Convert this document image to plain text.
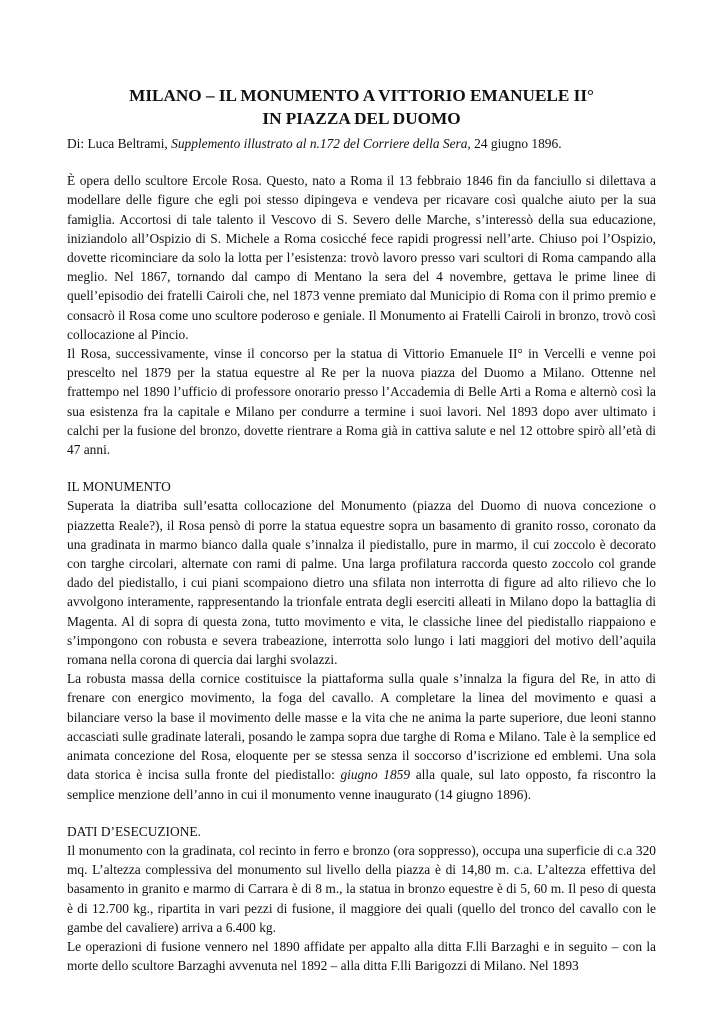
MILANO – IL MONUMENTO A VITTORIO EMANUELE II°

IN PIAZZA DEL DUOMO

Di: Luca Beltrami, Supplemento illustrato al n.172 del Corriere della Sera, 24 giugno 1896.

È opera dello scultore Ercole Rosa. Questo, nato a Roma il 13 febbraio 1846 fin da fanciullo si dilettava a modellare delle figure che egli poi stesso dipingeva e vendeva per ricavare così qualche aiuto per la sua famiglia. Accortosi di tale talento il Vescovo di S. Severo delle Marche, s’interessò della sua educazione, iniziandolo all’Ospizio di S. Michele a Roma cosicché fece rapidi progressi nell’arte. Chiuso poi l’Ospizio, dovette ricominciare da solo la lotta per l’esistenza: trovò lavoro presso vari scultori di Roma campando alla meglio. Nel 1867, tornando dal campo di Mentano la sera del 4 novembre, gettava le prime linee di quell’episodio dei fratelli Cairoli che, nel 1873 venne premiato dal Municipio di Roma con il primo premio e consacrò il Rosa come uno scultore poderoso e geniale. Il Monumento ai Fratelli Cairoli in bronzo, trovò così collocazione al Pincio.

Il Rosa, successivamente, vinse il concorso per la statua di Vittorio Emanuele II° in Vercelli e venne poi prescelto nel 1879 per la statua equestre al Re per la nuova piazza del Duomo a Milano. Ottenne nel frattempo nel 1890 l’ufficio di professore onorario presso l’Accademia di Belle Arti a Roma e alternò così la sua esistenza fra la capitale e Milano per condurre a termine i suoi lavori. Nel 1893 dopo aver ultimato i calchi per la fusione del bronzo, dovette rientrare a Roma già in cattiva salute e nel 12 ottobre spirò all’età di 47 anni.

IL MONUMENTO

Superata la diatriba sull’esatta collocazione del Monumento (piazza del Duomo di nuova concezione o piazzetta Reale?), il Rosa pensò di porre la statua equestre sopra un basamento di granito rosso, coronato da una gradinata in marmo bianco dalla quale s’innalza il piedistallo, pure in marmo, il cui zoccolo è decorato con targhe circolari, alternate con rami di palme. Una larga profilatura raccorda questo zoccolo col grande dado del piedistallo, i cui piani scompaiono dietro una sfilata non interrotta di figure ad alto rilievo che lo avvolgono interamente, rappresentando la trionfale entrata degli eserciti alleati in Milano dopo la battaglia di Magenta. Al di sopra di questa zona, tutto movimento e vita, le classiche linee del piedistallo riappaiono e s’impongono con robusta e severa trabeazione, interrotta solo lungo i lati maggiori del motivo dell’aquila romana nella corona di quercia dai larghi svolazzi.

La robusta massa della cornice costituisce la piattaforma sulla quale s’innalza la figura del Re, in atto di frenare con energico movimento, la foga del cavallo. A completare la linea del movimento e quasi a bilanciare verso la base il movimento delle masse e la vita che ne anima la parte superiore, due leoni stanno accasciati sulle gradinate laterali, posando le zampa sopra due targhe di Roma e Milano. Tale è la semplice ed animata concezione del Rosa, eloquente per se stessa senza il soccorso d’iscrizione ed emblemi. Una sola data storica è incisa sulla fronte del piedistallo: giugno 1859 alla quale, sul lato opposto, fa riscontro la semplice menzione dell’anno in cui il monumento venne inaugurato (14 giugno 1896).

DATI D’ESECUZIONE.

Il monumento con la gradinata, col recinto in ferro e bronzo (ora soppresso), occupa una superficie di c.a 320 mq. L’altezza complessiva del monumento sul livello della piazza è di 14,80 m. c.a. L’altezza effettiva del basamento in granito e marmo di Carrara è di 8 m., la statua in bronzo equestre è di 5, 60 m. Il peso di questa è di 12.700 kg., ripartita in vari pezzi di fusione, il maggiore dei quali (quello del tronco del cavallo con le gambe del cavaliere) arriva a 6.400 kg.

Le operazioni di fusione vennero nel 1890 affidate per appalto alla ditta F.lli Barzaghi e in seguito – con la morte dello scultore Barzaghi avvenuta nel 1892 – alla ditta F.lli Barigozzi di Milano. Nel 1893
